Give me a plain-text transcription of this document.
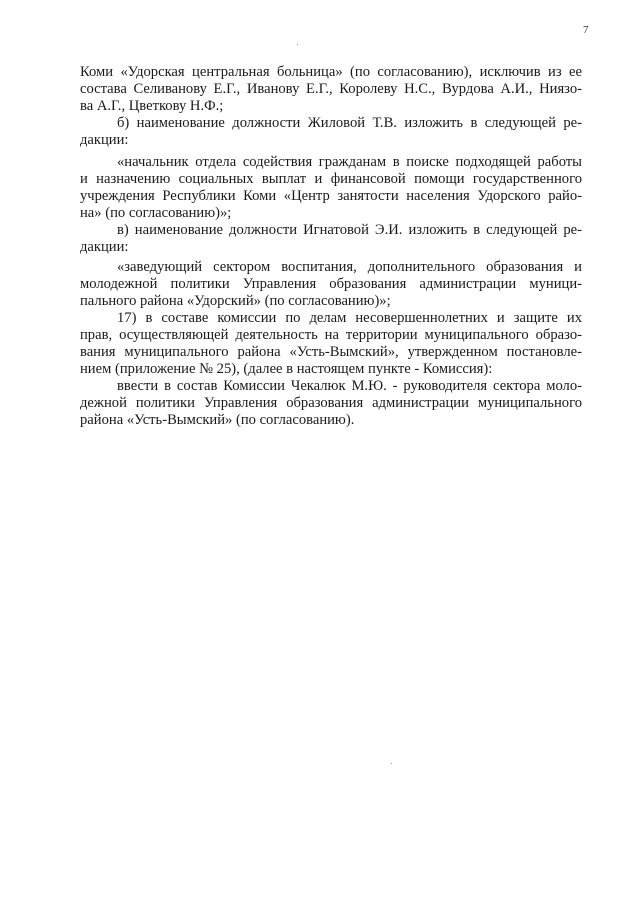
7
Коми «Удорская центральная больница» (по согласованию), исключив из ее
состава Селиванову Е.Г., Иванову Е.Г., Королеву Н.С., Вурдова А.И., Ниязо-
ва А.Г., Цветкову Н.Ф.;
б) наименование должности Жиловой Т.В. изложить в следующей ре-
дакции:
«начальник отдела содействия гражданам в поиске подходящей работы
и назначению социальных выплат и финансовой помощи государственного
учреждения Республики Коми «Центр занятости населения Удорского райо-
на» (по согласованию)»;
в) наименование должности Игнатовой Э.И. изложить в следующей ре-
дакции:
«заведующий сектором воспитания, дополнительного образования и
молодежной политики Управления образования администрации муници-
пального района «Удорский» (по согласованию)»;
17) в составе комиссии по делам несовершеннолетних и защите их
прав, осуществляющей деятельность на территории муниципального образо-
вания муниципального района «Усть-Вымский», утвержденном постановле-
нием (приложение № 25), (далее в настоящем пункте - Комиссия):
ввести в состав Комиссии Чекалюк М.Ю. - руководителя сектора моло-
дежной политики Управления образования администрации муниципального
района «Усть-Вымский» (по согласованию).
